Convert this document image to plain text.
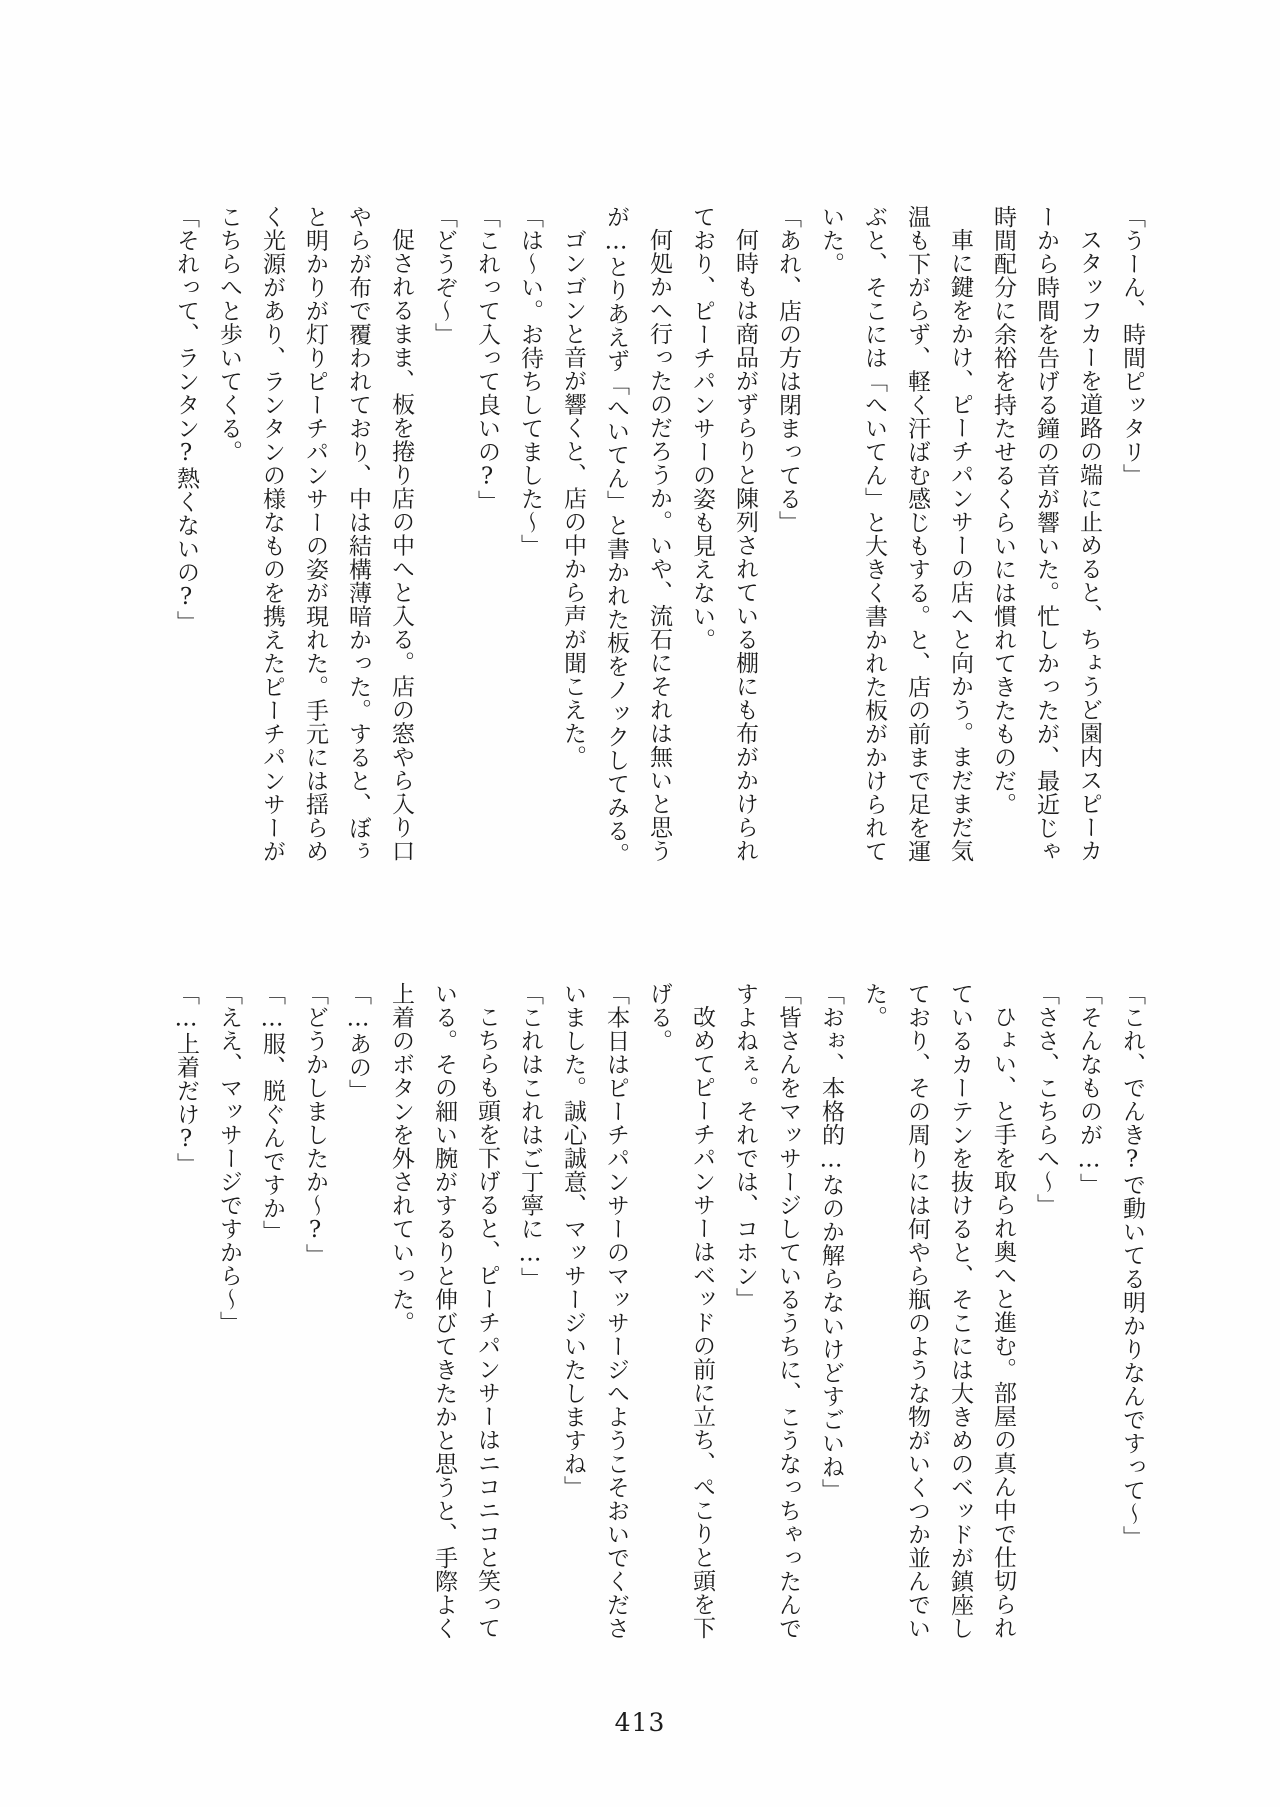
「うーん、時間ピッタリ」

スタッフカーを道路の端に止めると、ちょうど園内スピーカーから時間を告げる鐘の音が響いた。忙しかったが、最近じゃ時間配分に余裕を持たせるくらいには慣れてきたものだ。

車に鍵をかけ、ピーチパンサーの店へと向かう。まだまだ気温も下がらず、軽く汗ばむ感じもする。と、店の前まで足を運ぶと、そこには「へいてん」と大きく書かれた板がかけられていた。

「あれ、店の方は閉まってる」

何時もは商品がずらりと陳列されている棚にも布がかけられており、ピーチパンサーの姿も見えない。

何処かへ行ったのだろうか。いや、流石にそれは無いと思うが…とりあえず「へいてん」と書かれた板をノックしてみる。

ゴンゴンと音が響くと、店の中から声が聞こえた。

「は〜い。お待ちしてました〜」

「これって入って良いの?」

「どうぞ〜」

促されるまま、板を捲り店の中へと入る。店の窓やら入り口やらが布で覆われており、中は結構薄暗かった。すると、ぼぅと明かりが灯りピーチパンサーの姿が現れた。手元には揺らめく光源があり、ランタンの様なものを携えたピーチパンサーがこちらへと歩いてくる。

「それって、ランタン?熱くないの?」

「これ、でんき?で動いてる明かりなんですって〜」

「そんなものが…」

「ささ、こちらへ〜」

ひょい、と手を取られ奥へと進む。部屋の真ん中で仕切られているカーテンを抜けると、そこには大きめのベッドが鎮座しており、その周りには何やら瓶のような物がいくつか並んでいた。

「おぉ、本格的…なのか解らないけどすごいね」

「皆さんをマッサージしているうちに、こうなっちゃったんですよねぇ。それでは、コホン」

改めてピーチパンサーはベッドの前に立ち、ぺこりと頭を下げる。

「本日はピーチパンサーのマッサージへようこそおいでくださいました。誠心誠意、マッサージいたしますね」

「これはこれはご丁寧に…」

こちらも頭を下げると、ピーチパンサーはニコニコと笑っている。その細い腕がするりと伸びてきたかと思うと、手際よく上着のボタンを外されていった。

「…あの」

「どうかしましたか〜?」

「…服、脱ぐんですか」

「ええ、マッサージですから〜」

「…上着だけ?」

413
